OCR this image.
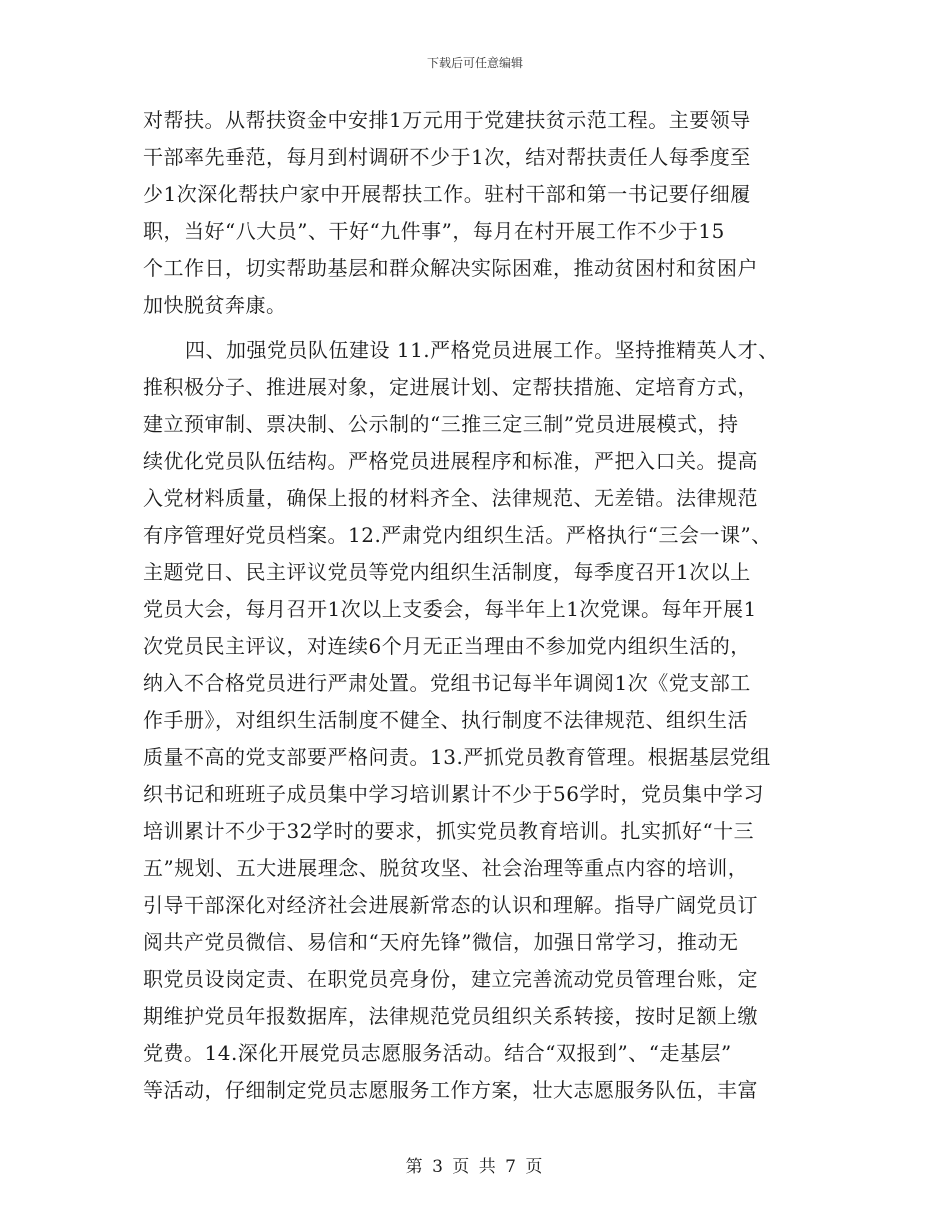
下载后可任意编辑
对帮扶。从帮扶资金中安排1万元用于党建扶贫示范工程。主要领导
干部率先垂范，每月到村调研不少于1次，结对帮扶责任人每季度至
少1次深化帮扶户家中开展帮扶工作。驻村干部和第一书记要仔细履
职，当好“八大员”、干好“九件事”，每月在村开展工作不少于15
个工作日，切实帮助基层和群众解决实际困难，推动贫困村和贫困户
加快脱贫奔康。
四、加强党员队伍建设 11.严格党员进展工作。坚持推精英人才、
推积极分子、推进展对象，定进展计划、定帮扶措施、定培育方式，
建立预审制、票决制、公示制的“三推三定三制”党员进展模式，持
续优化党员队伍结构。严格党员进展程序和标准，严把入口关。提高
入党材料质量，确保上报的材料齐全、法律规范、无差错。法律规范
有序管理好党员档案。12.严肃党内组织生活。严格执行“三会一课”、
主题党日、民主评议党员等党内组织生活制度，每季度召开1次以上
党员大会，每月召开1次以上支委会，每半年上1次党课。每年开展1
次党员民主评议，对连续6个月无正当理由不参加党内组织生活的，
纳入不合格党员进行严肃处置。党组书记每半年调阅1次《党支部工
作手册》，对组织生活制度不健全、执行制度不法律规范、组织生活
质量不高的党支部要严格问责。13.严抓党员教育管理。根据基层党组
织书记和班班子成员集中学习培训累计不少于56学时，党员集中学习
培训累计不少于32学时的要求，抓实党员教育培训。扎实抓好“十三
五”规划、五大进展理念、脱贫攻坚、社会治理等重点内容的培训，
引导干部深化对经济社会进展新常态的认识和理解。指导广阔党员订
阅共产党员微信、易信和“天府先锋”微信，加强日常学习，推动无
职党员设岗定责、在职党员亮身份，建立完善流动党员管理台账，定
期维护党员年报数据库，法律规范党员组织关系转接，按时足额上缴
党费。14.深化开展党员志愿服务活动。结合“双报到”、“走基层”
等活动，仔细制定党员志愿服务工作方案，壮大志愿服务队伍，丰富
第 3 页 共 7 页
